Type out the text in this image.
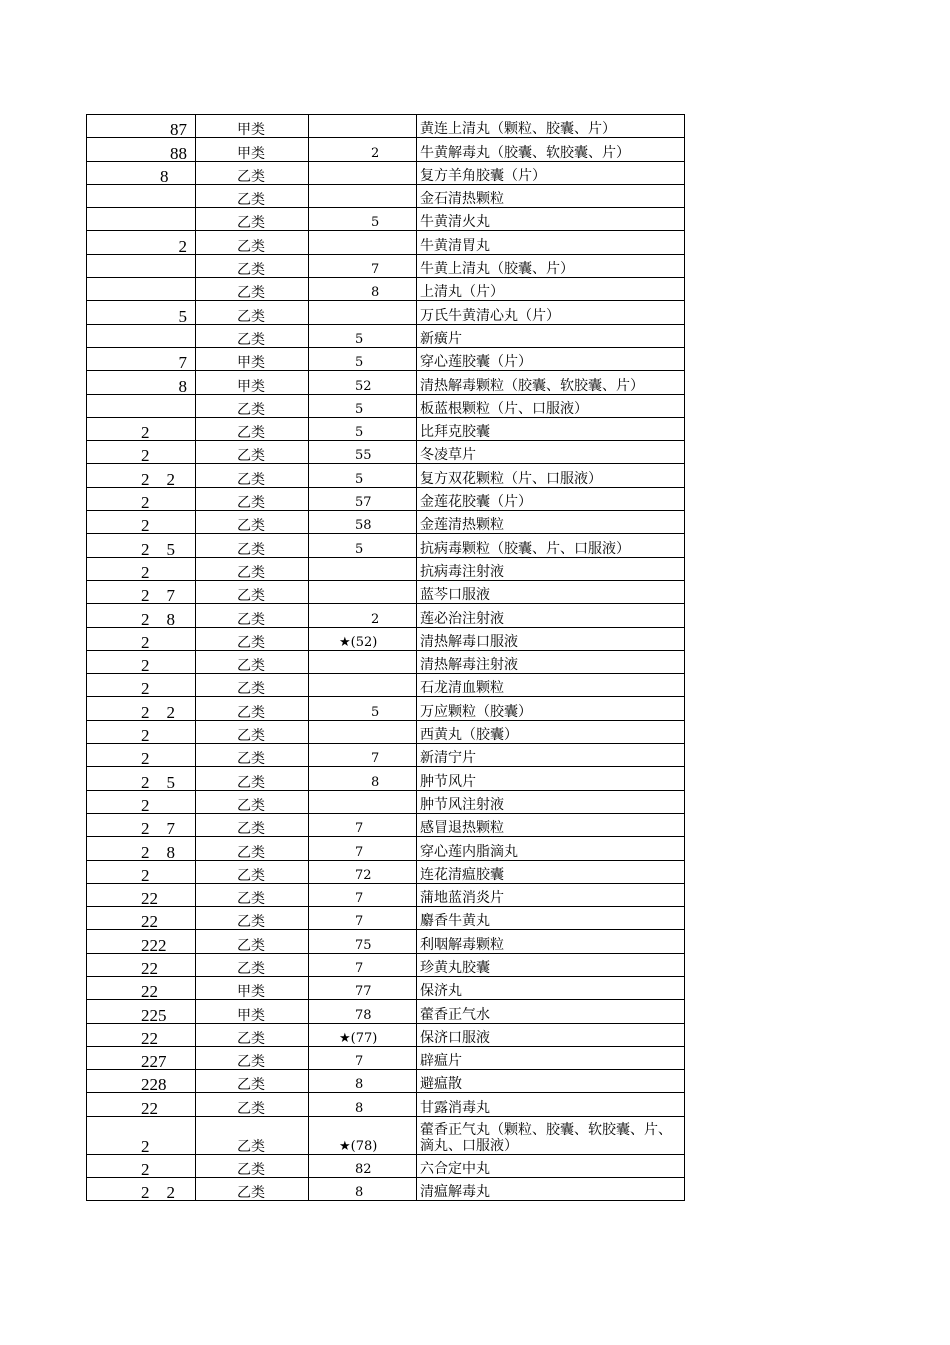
87	甲类		黄连上清丸（颗粒、胶囊、片）
88	甲类	2	牛黄解毒丸（胶囊、软胶囊、片）
8	乙类		复方羊角胶囊（片）
	乙类		金石清热颗粒
	乙类	5	牛黄清火丸
2	乙类		牛黄清胃丸
	乙类	7	牛黄上清丸（胶囊、片）
	乙类	8	上清丸（片）
5	乙类		万氏牛黄清心丸（片）
	乙类	5	新癀片
7	甲类	5	穿心莲胶囊（片）
8	甲类	52	清热解毒颗粒（胶囊、软胶囊、片）
	乙类	5	板蓝根颗粒（片、口服液）
2	乙类	5	比拜克胶囊
2	乙类	55	冬凌草片
2　2	乙类	5	复方双花颗粒（片、口服液）
2	乙类	57	金莲花胶囊（片）
2	乙类	58	金莲清热颗粒
2　5	乙类	5	抗病毒颗粒（胶囊、片、口服液）
2	乙类		抗病毒注射液
2　7	乙类		蓝芩口服液
2　8	乙类	2	莲必治注射液
2	乙类	★(52)	清热解毒口服液
2	乙类		清热解毒注射液
2	乙类		石龙清血颗粒
2　2	乙类	5	万应颗粒（胶囊）
2	乙类		西黄丸（胶囊）
2	乙类	7	新清宁片
2　5	乙类	8	肿节风片
2	乙类		肿节风注射液
2　7	乙类	7	感冒退热颗粒
2　8	乙类	7	穿心莲内脂滴丸
2	乙类	72	连花清瘟胶囊
22	乙类	7	蒲地蓝消炎片
22	乙类	7	麝香牛黄丸
222	乙类	75	利咽解毒颗粒
22	乙类	7	珍黄丸胶囊
22	甲类	77	保济丸
225	甲类	78	藿香正气水
22	乙类	★(77)	保济口服液
227	乙类	7	辟瘟片
228	乙类	8	避瘟散
22	乙类	8	甘露消毒丸
2	乙类	★(78)	藿香正气丸（颗粒、胶囊、软胶囊、片、滴丸、口服液）
2	乙类	82	六合定中丸
2　2	乙类	8	清瘟解毒丸
